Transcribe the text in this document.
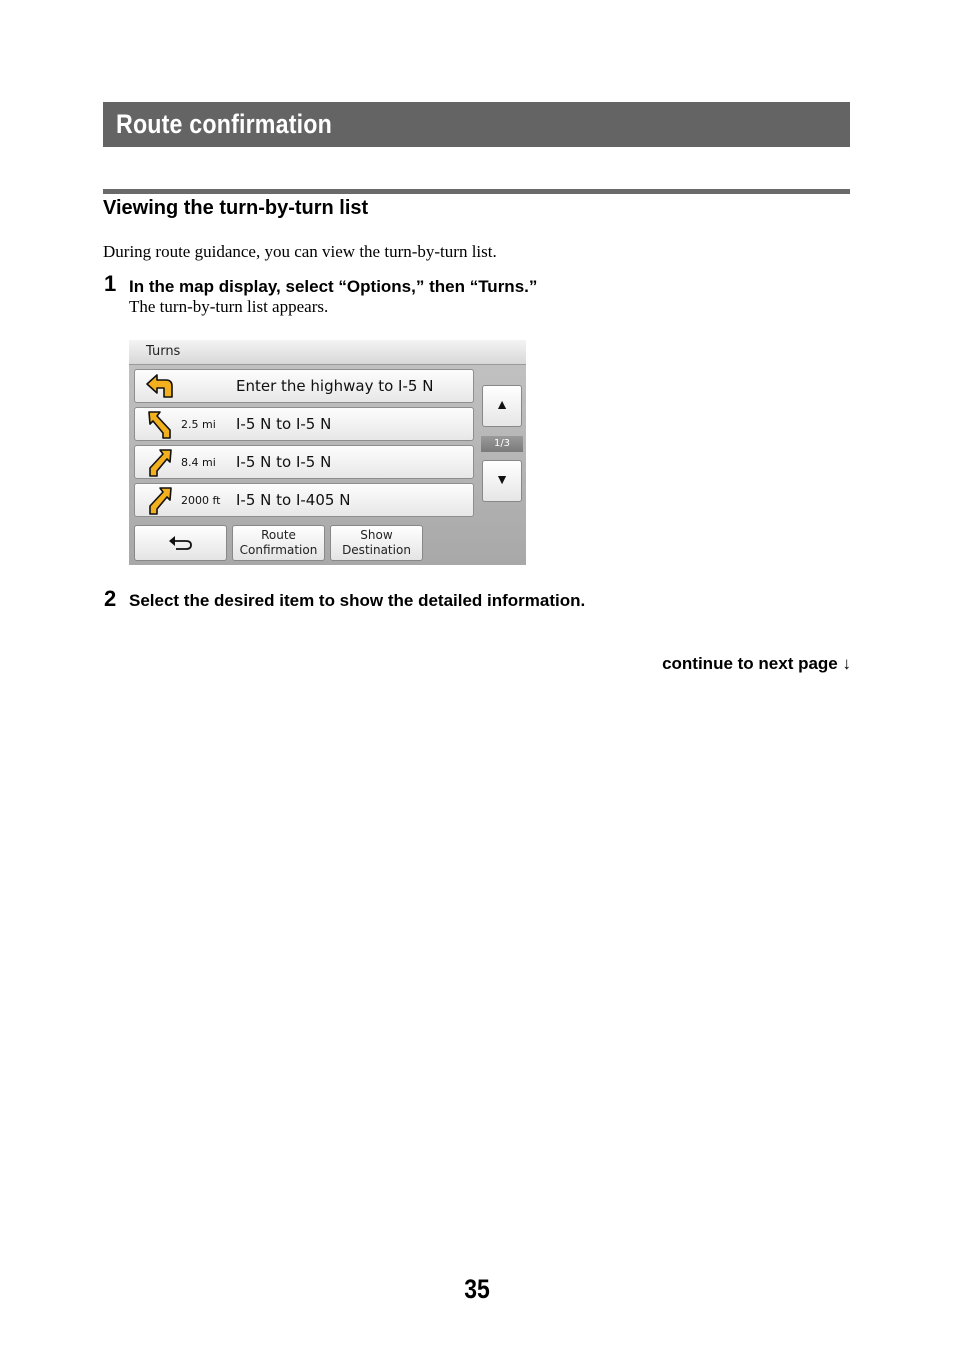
Route confirmation
Viewing the turn-by-turn list
During route guidance, you can view the turn-by-turn list.
1 In the map display, select “Options,” then “Turns.”
The turn-by-turn list appears.
Turns
Enter the highway to I-5 N
2.5 mi I-5 N to I-5 N
8.4 mi I-5 N to I-5 N
2000 ft I-5 N to I-405 N
▲
1/3
▼
Route
Confirmation
Show
Destination
2 Select the desired item to show the detailed information.
continue to next page ↓
35
